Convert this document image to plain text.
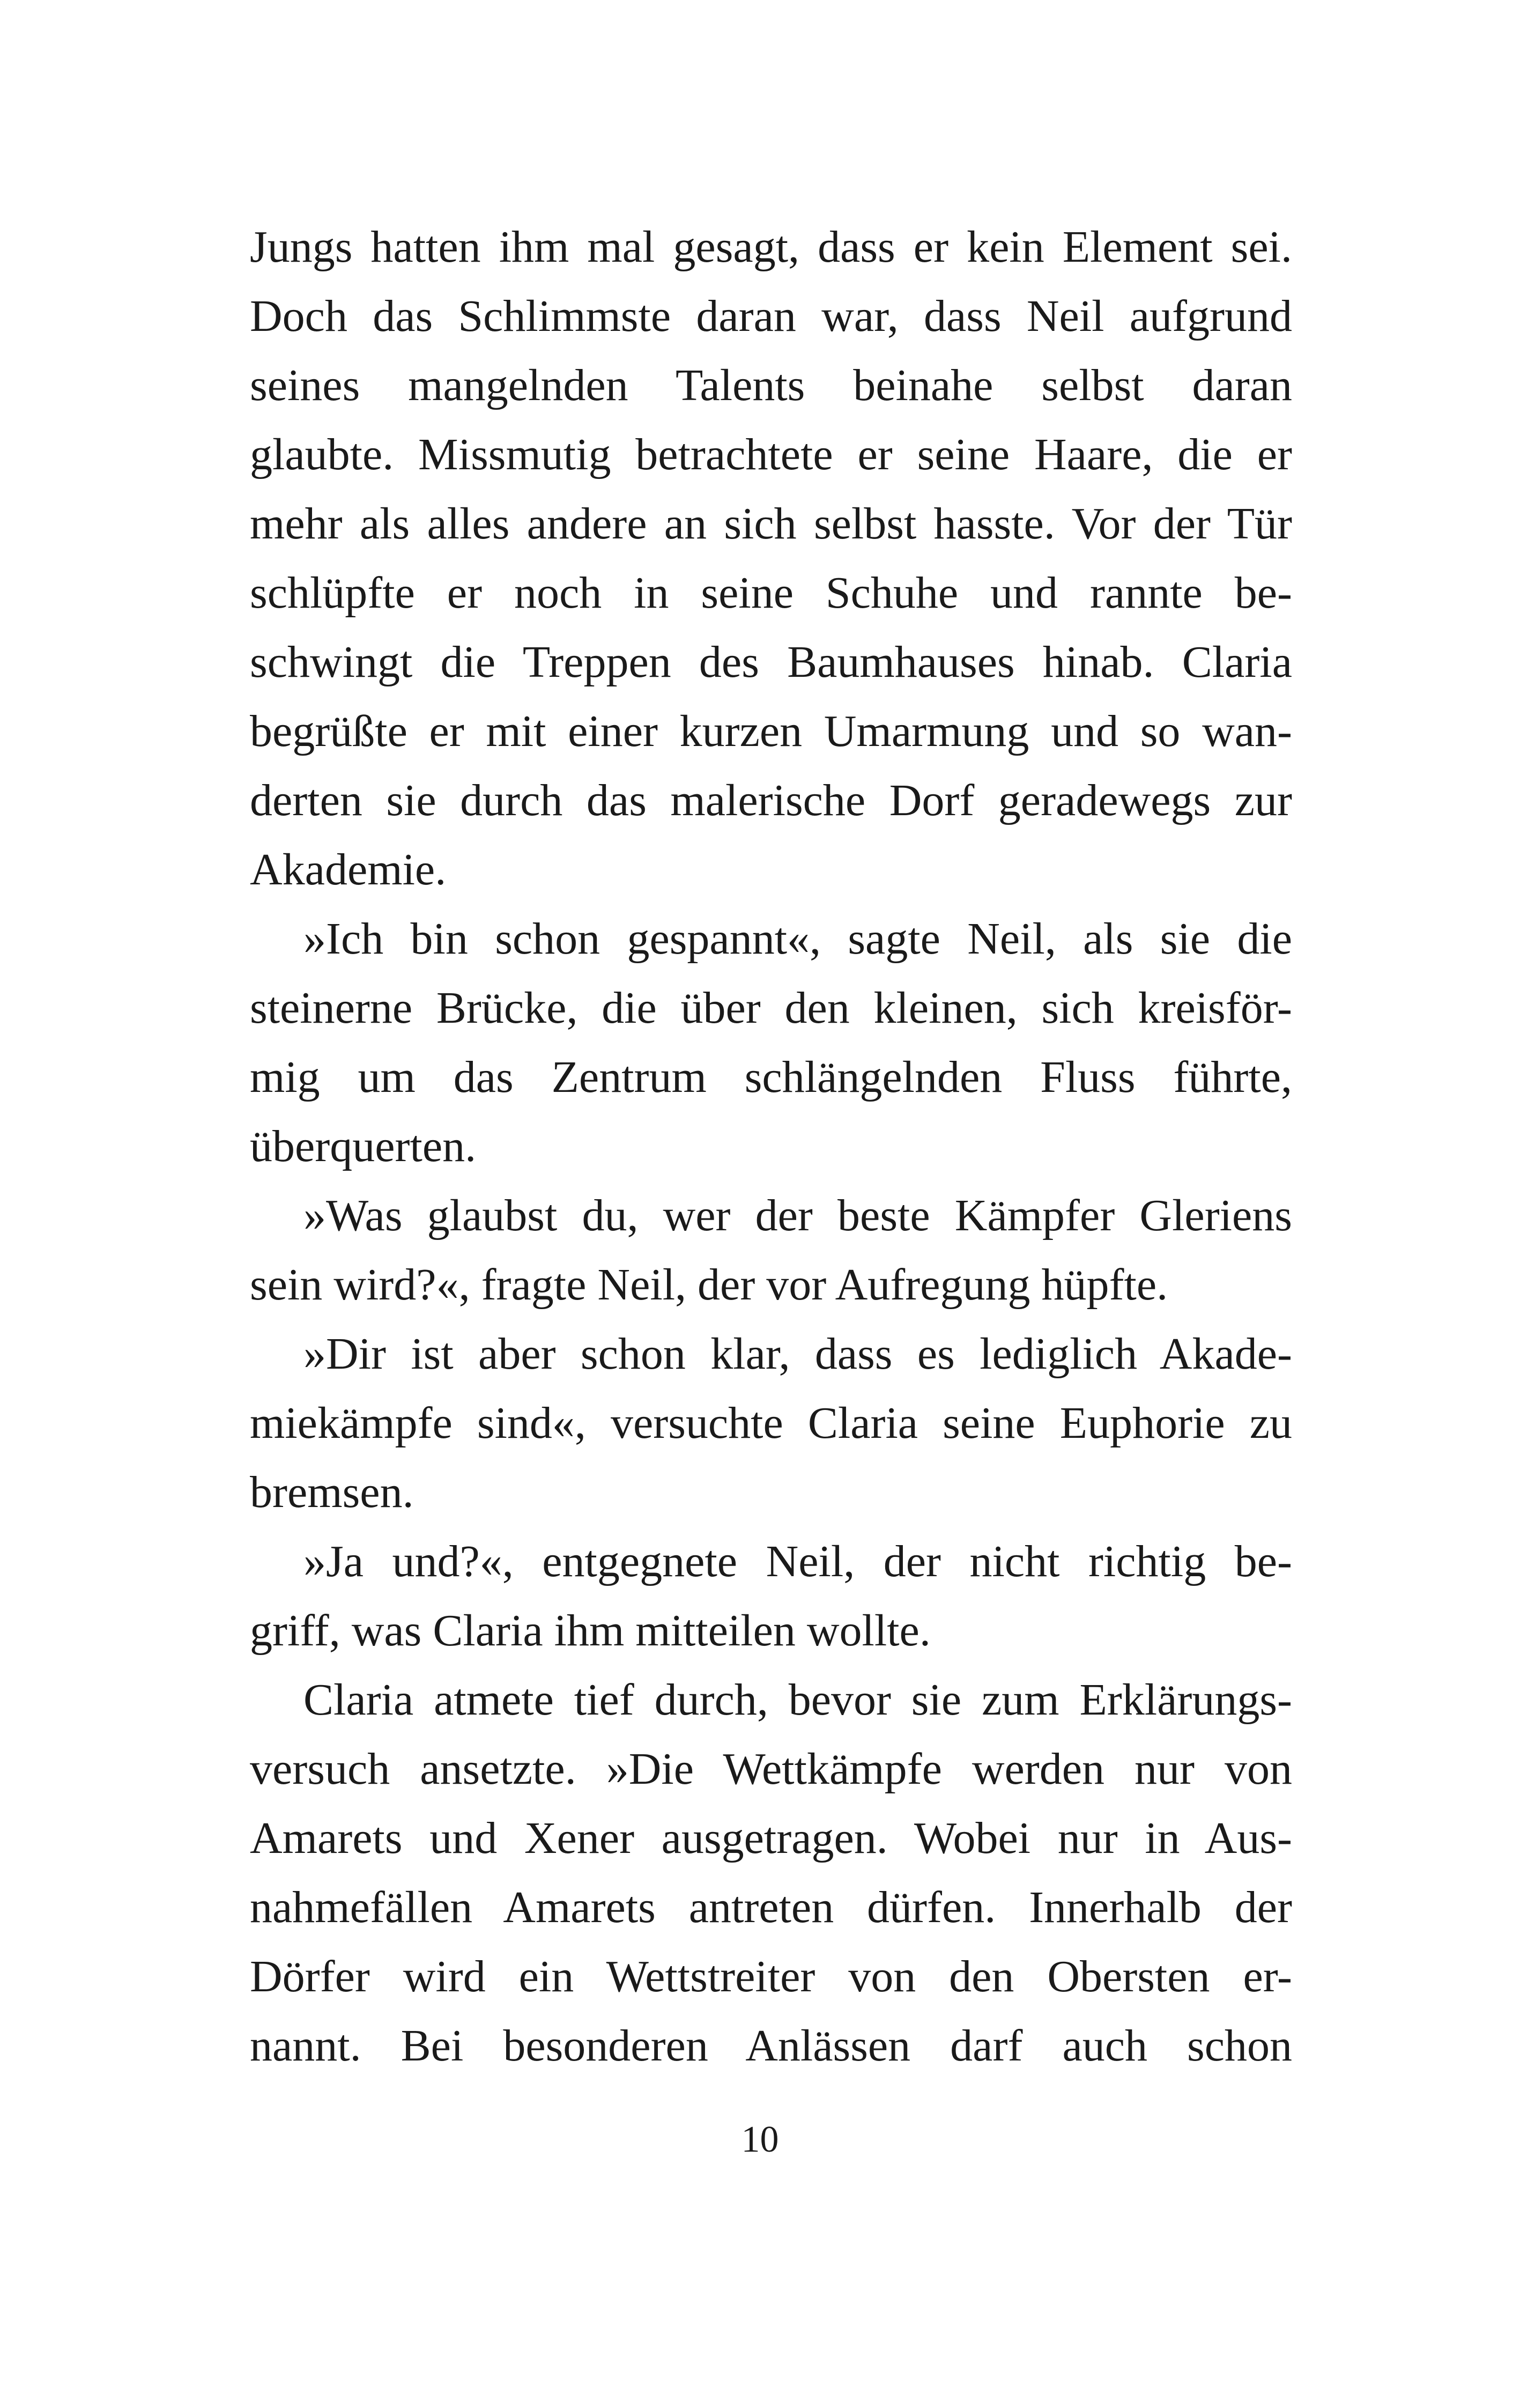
Jungs hatten ihm mal gesagt, dass er kein Element sei.
Doch das Schlimmste daran war, dass Neil aufgrund
seines mangelnden Talents beinahe selbst daran
glaubte. Missmutig betrachtete er seine Haare, die er
mehr als alles andere an sich selbst hasste. Vor der Tür
schlüpfte er noch in seine Schuhe und rannte be-
schwingt die Treppen des Baumhauses hinab. Claria
begrüßte er mit einer kurzen Umarmung und so wan-
derten sie durch das malerische Dorf geradewegs zur
Akademie.
»Ich bin schon gespannt«, sagte Neil, als sie die
steinerne Brücke, die über den kleinen, sich kreisför-
mig um das Zentrum schlängelnden Fluss führte,
überquerten.
»Was glaubst du, wer der beste Kämpfer Gleriens
sein wird?«, fragte Neil, der vor Aufregung hüpfte.
»Dir ist aber schon klar, dass es lediglich Akade-
miekämpfe sind«, versuchte Claria seine Euphorie zu
bremsen.
»Ja und?«, entgegnete Neil, der nicht richtig be-
griff, was Claria ihm mitteilen wollte.
Claria atmete tief durch, bevor sie zum Erklärungs-
versuch ansetzte. »Die Wettkämpfe werden nur von
Amarets und Xener ausgetragen. Wobei nur in Aus-
nahmefällen Amarets antreten dürfen. Innerhalb der
Dörfer wird ein Wettstreiter von den Obersten er-
nannt. Bei besonderen Anlässen darf auch schon
10
